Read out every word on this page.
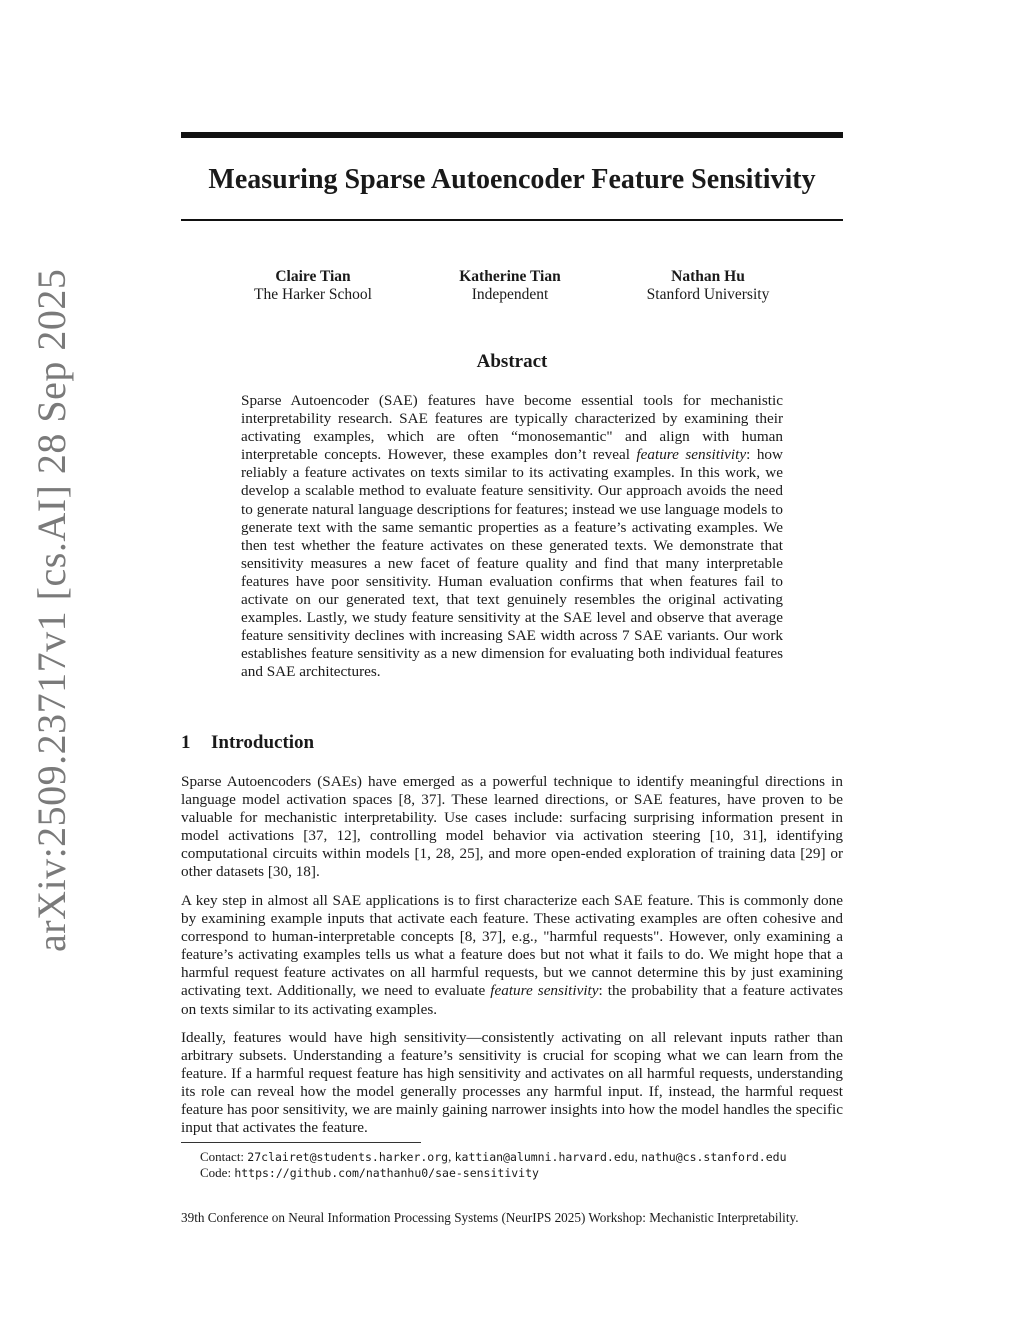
arXiv:2509.23717v1 [cs.AI] 28 Sep 2025
Measuring Sparse Autoencoder Feature Sensitivity
Claire Tian
The Harker School
Katherine Tian
Independent
Nathan Hu
Stanford University
Abstract

Sparse Autoencoder (SAE) features have become essential tools for mechanistic interpretability research. SAE features are typically characterized by examining their activating examples, which are often “monosemantic" and align with human interpretable concepts. However, these examples don’t reveal feature sensitivity: how reliably a feature activates on texts similar to its activating examples. In this work, we develop a scalable method to evaluate feature sensitivity. Our approach avoids the need to generate natural language descriptions for features; instead we use language models to generate text with the same semantic properties as a feature’s activating examples. We then test whether the feature activates on these generated texts. We demonstrate that sensitivity measures a new facet of feature quality and find that many interpretable features have poor sensitivity. Human evaluation confirms that when features fail to activate on our generated text, that text genuinely resembles the original activating examples. Lastly, we study feature sensitivity at the SAE level and observe that average feature sensitivity declines with increasing SAE width across 7 SAE variants. Our work establishes feature sensitivity as a new dimension for evaluating both individual features and SAE architectures.

1 Introduction

Sparse Autoencoders (SAEs) have emerged as a powerful technique to identify meaningful directions in language model activation spaces [8, 37]. These learned directions, or SAE features, have proven to be valuable for mechanistic interpretability. Use cases include: surfacing surprising information present in model activations [37, 12], controlling model behavior via activation steering [10, 31], identifying computational circuits within models [1, 28, 25], and more open-ended exploration of training data [29] or other datasets [30, 18].

A key step in almost all SAE applications is to first characterize each SAE feature. This is commonly done by examining example inputs that activate each feature. These activating examples are often cohesive and correspond to human-interpretable concepts [8, 37], e.g., "harmful requests". However, only examining a feature’s activating examples tells us what a feature does but not what it fails to do. We might hope that a harmful request feature activates on all harmful requests, but we cannot determine this by just examining activating text. Additionally, we need to evaluate feature sensitivity: the probability that a feature activates on texts similar to its activating examples.

Ideally, features would have high sensitivity—consistently activating on all relevant inputs rather than arbitrary subsets. Understanding a feature’s sensitivity is crucial for scoping what we can learn from the feature. If a harmful request feature has high sensitivity and activates on all harmful requests, understanding its role can reveal how the model generally processes any harmful input. If, instead, the harmful request feature has poor sensitivity, we are mainly gaining narrower insights into how the model handles the specific input that activates the feature.

Contact: 27clairet@students.harker.org, kattian@alumni.harvard.edu, nathu@cs.stanford.edu
Code: https://github.com/nathanhu0/sae-sensitivity
39th Conference on Neural Information Processing Systems (NeurIPS 2025) Workshop: Mechanistic Interpretability.
